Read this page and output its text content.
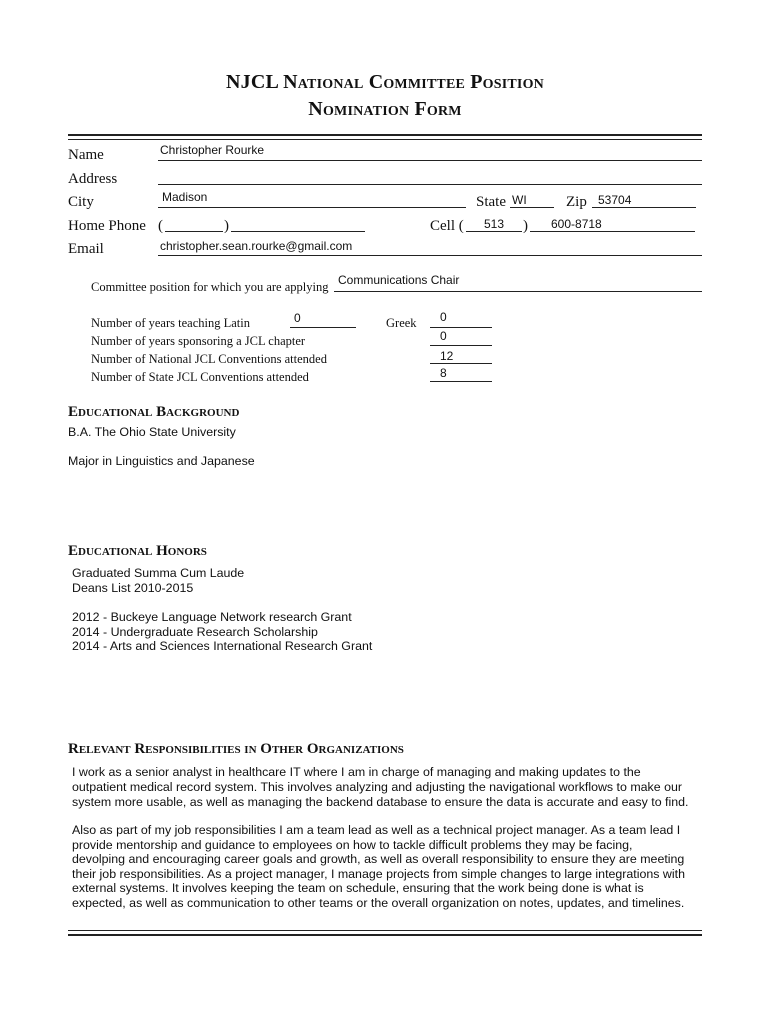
NJCL National Committee Position
Nomination Form
Name	Christopher Rourke
Address
City	Madison	State WI	Zip 53704
Home Phone (	)	Cell ( 513 ) 600-8718
Email	christopher.sean.rourke@gmail.com
Committee position for which you are applying Communications Chair
Number of years teaching Latin	0	Greek 0
Number of years sponsoring a JCL chapter	0
Number of National JCL Conventions attended	12
Number of State JCL Conventions attended	8
Educational Background
B.A. The Ohio State University
Major in Linguistics and Japanese
Educational Honors
Graduated Summa Cum Laude
Deans List 2010-2015
2012 - Buckeye Language Network research Grant
2014 - Undergraduate Research Scholarship
2014 - Arts and Sciences International Research Grant
Relevant Responsibilities in Other Organizations
I work as a senior analyst in healthcare IT where I am in charge of managing and making updates to the
outpatient medical record system. This involves analyzing and adjusting the navigational workflows to make our
system more usable, as well as managing the backend database to ensure the data is accurate and easy to find.
Also as part of my job responsibilities I am a team lead as well as a technical project manager. As a team lead I
provide mentorship and guidance to employees on how to tackle difficult problems they may be facing,
devolping and encouraging career goals and growth, as well as overall responsibility to ensure they are meeting
their job responsibilities. As a project manager, I manage projects from simple changes to large integrations with
external systems. It involves keeping the team on schedule, ensuring that the work being done is what is
expected, as well as communication to other teams or the overall organization on notes, updates, and timelines.
